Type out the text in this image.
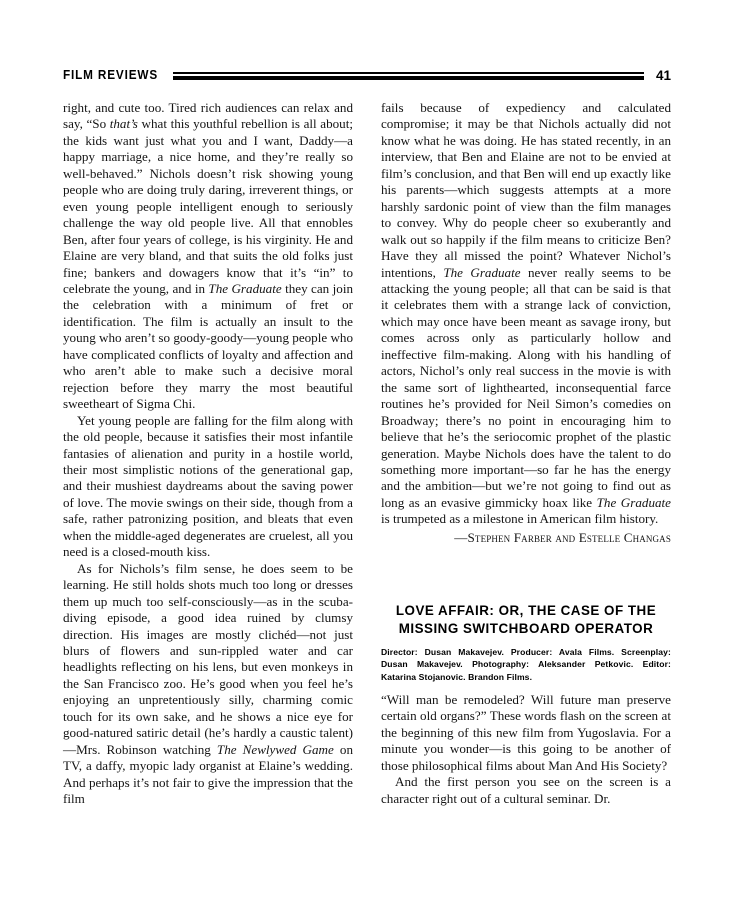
FILM REVIEWS	41

right, and cute too. Tired rich audiences can relax and say, “So that’s what this youthful rebellion is all about; the kids want just what you and I want, Daddy—a happy marriage, a nice home, and they’re really so well-behaved.” Nichols doesn’t risk showing young people who are doing truly daring, irreverent things, or even young people intelligent enough to seriously challenge the way old people live. All that ennobles Ben, after four years of college, is his virginity. He and Elaine are very bland, and that suits the old folks just fine; bankers and dowagers know that it’s “in” to celebrate the young, and in The Graduate they can join the celebration with a minimum of fret or identification. The film is actually an insult to the young who aren’t so goody-goody—young people who have complicated conflicts of loyalty and affection and who aren’t able to make such a decisive moral rejection before they marry the most beautiful sweetheart of Sigma Chi.

Yet young people are falling for the film along with the old people, because it satisfies their most infantile fantasies of alienation and purity in a hostile world, their most simplistic notions of the generational gap, and their mushiest daydreams about the saving power of love. The movie swings on their side, though from a safe, rather patronizing position, and bleats that even when the middle-aged degenerates are cruelest, all you need is a closed-mouth kiss.

As for Nichols’s film sense, he does seem to be learning. He still holds shots much too long or dresses them up much too self-consciously—as in the scuba-diving episode, a good idea ruined by clumsy direction. His images are mostly clichéd—not just blurs of flowers and sun-rippled water and car headlights reflecting on his lens, but even monkeys in the San Francisco zoo. He’s good when you feel he’s enjoying an unpretentiously silly, charming comic touch for its own sake, and he shows a nice eye for good-natured satiric detail (he’s hardly a caustic talent)—Mrs. Robinson watching The Newlywed Game on TV, a daffy, myopic lady organist at Elaine’s wedding. And perhaps it’s not fair to give the impression that the film

fails because of expediency and calculated compromise; it may be that Nichols actually did not know what he was doing. He has stated recently, in an interview, that Ben and Elaine are not to be envied at film’s conclusion, and that Ben will end up exactly like his parents—which suggests attempts at a more harshly sardonic point of view than the film manages to convey. Why do people cheer so exuberantly and walk out so happily if the film means to criticize Ben? Have they all missed the point? Whatever Nichol’s intentions, The Graduate never really seems to be attacking the young people; all that can be said is that it celebrates them with a strange lack of conviction, which may once have been meant as savage irony, but comes across only as particularly hollow and ineffective film-making. Along with his handling of actors, Nichol’s only real success in the movie is with the same sort of lighthearted, inconsequential farce routines he’s provided for Neil Simon’s comedies on Broadway; there’s no point in encouraging him to believe that he’s the seriocomic prophet of the plastic generation. Maybe Nichols does have the talent to do something more important—so far he has the energy and the ambition—but we’re not going to find out as long as an evasive gimmicky hoax like The Graduate is trumpeted as a milestone in American film history.

—Stephen Farber and Estelle Changas
LOVE AFFAIR: OR, THE CASE OF THE
MISSING SWITCHBOARD OPERATOR

Director: Dusan Makavejev. Producer: Avala Films. Screenplay: Dusan Makavejev. Photography: Aleksander Petkovic. Editor: Katarina Stojanovic. Brandon Films.

“Will man be remodeled? Will future man preserve certain old organs?” These words flash on the screen at the beginning of this new film from Yugoslavia. For a minute you wonder—is this going to be another of those philosophical films about Man And His Society?

And the first person you see on the screen is a character right out of a cultural seminar. Dr.
